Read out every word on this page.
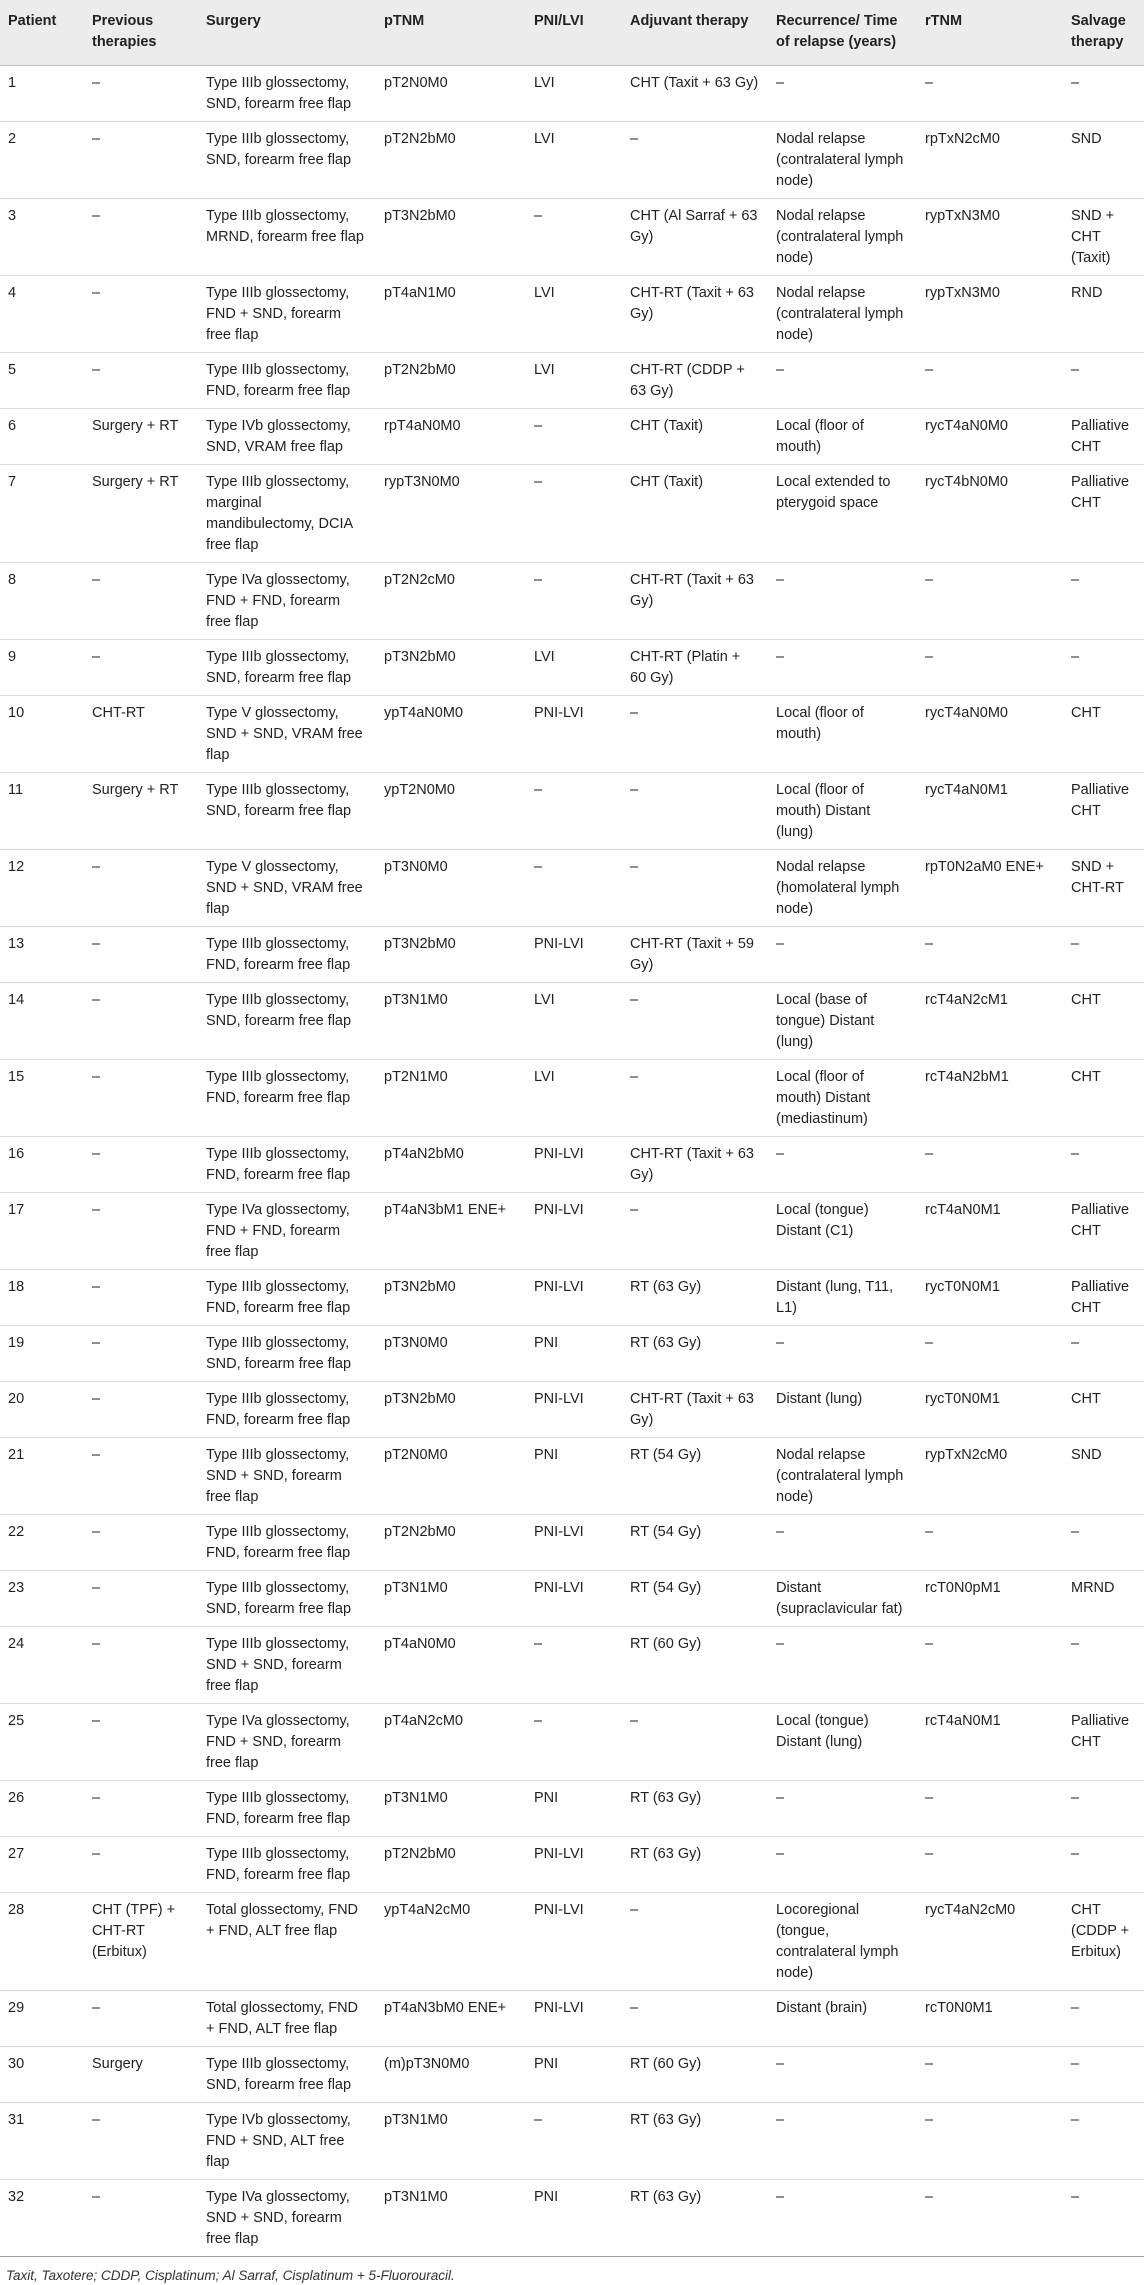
Patient	Previous therapies	Surgery	pTNM	PNI/LVI	Adjuvant therapy	Recurrence/ Time of relapse (years)	rTNM	Salvage therapy
1	–	Type IIIb glossectomy, SND, forearm free flap	pT2N0M0	LVI	CHT (Taxit + 63 Gy)	–	–	–
2	–	Type IIIb glossectomy, SND, forearm free flap	pT2N2bM0	LVI	–	Nodal relapse (contralateral lymph node)	rpTxN2cM0	SND
3	–	Type IIIb glossectomy, MRND, forearm free flap	pT3N2bM0	–	CHT (Al Sarraf + 63 Gy)	Nodal relapse (contralateral lymph node)	rypTxN3M0	SND + CHT (Taxit)
4	–	Type IIIb glossectomy, FND + SND, forearm free flap	pT4aN1M0	LVI	CHT-RT (Taxit + 63 Gy)	Nodal relapse (contralateral lymph node)	rypTxN3M0	RND
5	–	Type IIIb glossectomy, FND, forearm free flap	pT2N2bM0	LVI	CHT-RT (CDDP + 63 Gy)	–	–	–
6	Surgery + RT	Type IVb glossectomy, SND, VRAM free flap	rpT4aN0M0	–	CHT (Taxit)	Local (floor of mouth)	rycT4aN0M0	Palliative CHT
7	Surgery + RT	Type IIIb glossectomy, marginal mandibulectomy, DCIA free flap	rypT3N0M0	–	CHT (Taxit)	Local extended to pterygoid space	rycT4bN0M0	Palliative CHT
8	–	Type IVa glossectomy, FND + FND, forearm free flap	pT2N2cM0	–	CHT-RT (Taxit + 63 Gy)	–	–	–
9	–	Type IIIb glossectomy, SND, forearm free flap	pT3N2bM0	LVI	CHT-RT (Platin + 60 Gy)	–	–	–
10	CHT-RT	Type V glossectomy, SND + SND, VRAM free flap	ypT4aN0M0	PNI-LVI	–	Local (floor of mouth)	rycT4aN0M0	CHT
11	Surgery + RT	Type IIIb glossectomy, SND, forearm free flap	ypT2N0M0	–	–	Local (floor of mouth) Distant (lung)	rycT4aN0M1	Palliative CHT
12	–	Type V glossectomy, SND + SND, VRAM free flap	pT3N0M0	–	–	Nodal relapse (homolateral lymph node)	rpT0N2aM0 ENE+	SND + CHT-RT
13	–	Type IIIb glossectomy, FND, forearm free flap	pT3N2bM0	PNI-LVI	CHT-RT (Taxit + 59 Gy)	–	–	–
14	–	Type IIIb glossectomy, SND, forearm free flap	pT3N1M0	LVI	–	Local (base of tongue) Distant (lung)	rcT4aN2cM1	CHT
15	–	Type IIIb glossectomy, FND, forearm free flap	pT2N1M0	LVI	–	Local (floor of mouth) Distant (mediastinum)	rcT4aN2bM1	CHT
16	–	Type IIIb glossectomy, FND, forearm free flap	pT4aN2bM0	PNI-LVI	CHT-RT (Taxit + 63 Gy)	–	–	–
17	–	Type IVa glossectomy, FND + FND, forearm free flap	pT4aN3bM1 ENE+	PNI-LVI	–	Local (tongue) Distant (C1)	rcT4aN0M1	Palliative CHT
18	–	Type IIIb glossectomy, FND, forearm free flap	pT3N2bM0	PNI-LVI	RT (63 Gy)	Distant (lung, T11, L1)	rycT0N0M1	Palliative CHT
19	–	Type IIIb glossectomy, SND, forearm free flap	pT3N0M0	PNI	RT (63 Gy)	–	–	–
20	–	Type IIIb glossectomy, FND, forearm free flap	pT3N2bM0	PNI-LVI	CHT-RT (Taxit + 63 Gy)	Distant (lung)	rycT0N0M1	CHT
21	–	Type IIIb glossectomy, SND + SND, forearm free flap	pT2N0M0	PNI	RT (54 Gy)	Nodal relapse (contralateral lymph node)	rypTxN2cM0	SND
22	–	Type IIIb glossectomy, FND, forearm free flap	pT2N2bM0	PNI-LVI	RT (54 Gy)	–	–	–
23	–	Type IIIb glossectomy, SND, forearm free flap	pT3N1M0	PNI-LVI	RT (54 Gy)	Distant (supraclavicular fat)	rcT0N0pM1	MRND
24	–	Type IIIb glossectomy, SND + SND, forearm free flap	pT4aN0M0	–	RT (60 Gy)	–	–	–
25	–	Type IVa glossectomy, FND + SND, forearm free flap	pT4aN2cM0	–	–	Local (tongue) Distant (lung)	rcT4aN0M1	Palliative CHT
26	–	Type IIIb glossectomy, FND, forearm free flap	pT3N1M0	PNI	RT (63 Gy)	–	–	–
27	–	Type IIIb glossectomy, FND, forearm free flap	pT2N2bM0	PNI-LVI	RT (63 Gy)	–	–	–
28	CHT (TPF) + CHT-RT (Erbitux)	Total glossectomy, FND + FND, ALT free flap	ypT4aN2cM0	PNI-LVI	–	Locoregional (tongue, contralateral lymph node)	rycT4aN2cM0	CHT (CDDP + Erbitux)
29	–	Total glossectomy, FND + FND, ALT free flap	pT4aN3bM0 ENE+	PNI-LVI	–	Distant (brain)	rcT0N0M1	–
30	Surgery	Type IIIb glossectomy, SND, forearm free flap	(m)pT3N0M0	PNI	RT (60 Gy)	–	–	–
31	–	Type IVb glossectomy, FND + SND, ALT free flap	pT3N1M0	–	RT (63 Gy)	–	–	–
32	–	Type IVa glossectomy, SND + SND, forearm free flap	pT3N1M0	PNI	RT (63 Gy)	–	–	–
Taxit, Taxotere; CDDP, Cisplatinum; Al Sarraf, Cisplatinum + 5-Fluorouracil.
